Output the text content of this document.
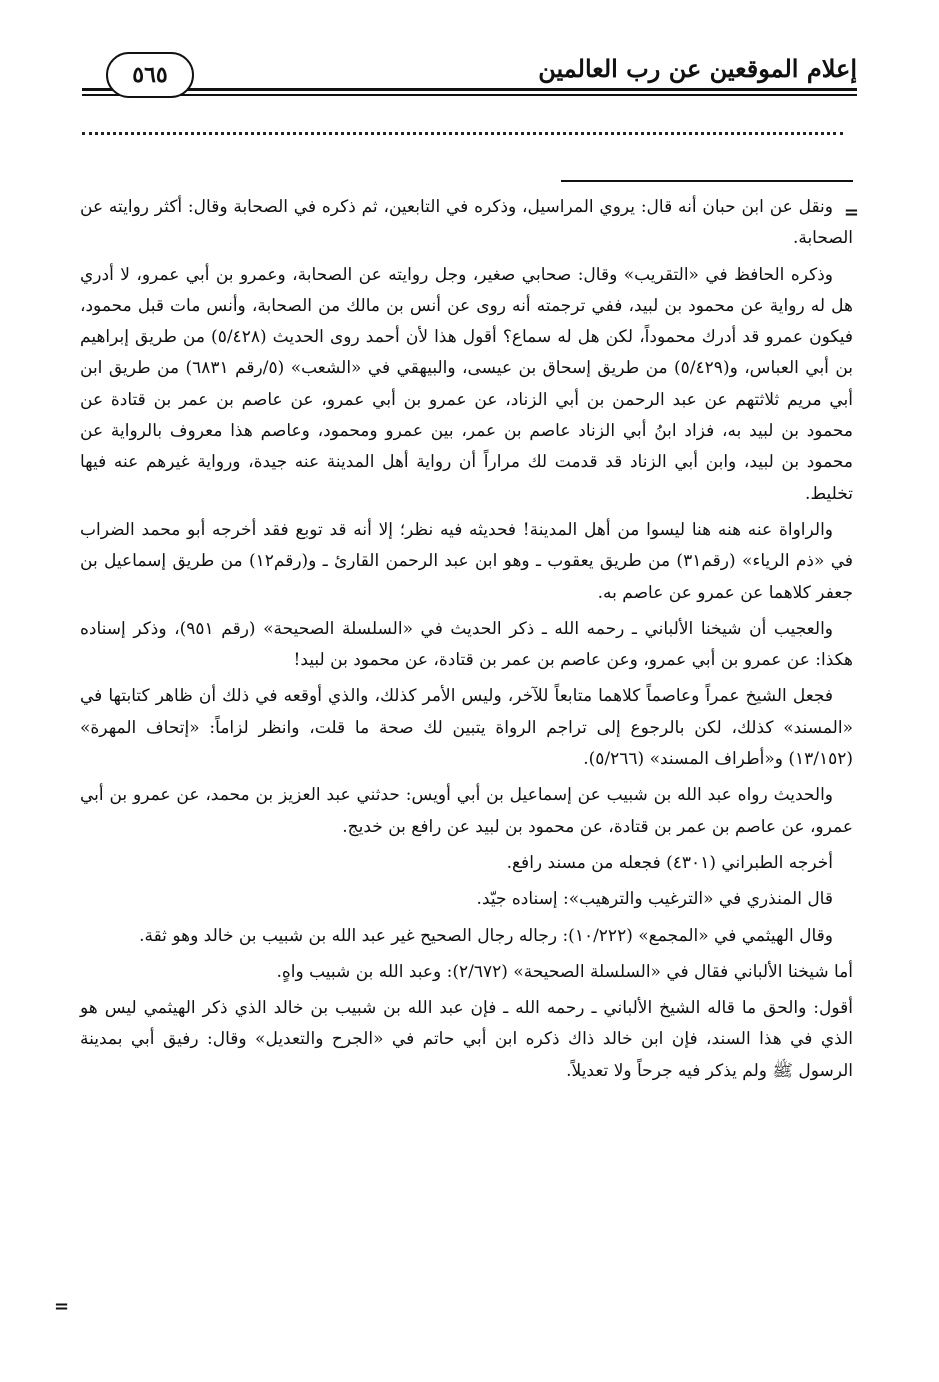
إعلام الموقعين عن رب العالمين
٥٦٥
=

ونقل عن ابن حبان أنه قال: يروي المراسيل، وذكره في التابعين، ثم ذكره في الصحابة وقال: أكثر روايته عن الصحابة.

وذكره الحافظ في «التقريب» وقال: صحابي صغير، وجل روايته عن الصحابة، وعمرو بن أبي عمرو، لا أدري هل له رواية عن محمود بن لبيد، ففي ترجمته أنه روى عن أنس بن مالك من الصحابة، وأنس مات قبل محمود، فيكون عمرو قد أدرك محموداً، لكن هل له سماع؟ أقول هذا لأن أحمد روى الحديث (٥/٤٢٨) من طريق إبراهيم بن أبي العباس، و(٥/٤٢٩) من طريق إسحاق بن عيسى، والبيهقي في «الشعب» (٥/رقم ٦٨٣١) من طريق ابن أبي مريم ثلاثتهم عن عبد الرحمن بن أبي الزناد، عن عمرو بن أبي عمرو، عن عاصم بن عمر بن قتادة عن محمود بن لبيد به، فزاد ابنُ أبي الزناد عاصم بن عمر، بين عمرو ومحمود، وعاصم هذا معروف بالرواية عن محمود بن لبيد، وابن أبي الزناد قد قدمت لك مراراً أن رواية أهل المدينة عنه جيدة، ورواية غيرهم عنه فيها تخليط.

والراواة عنه هنه هنا ليسوا من أهل المدينة! فحديثه فيه نظر؛ إلا أنه قد توبع فقد أخرجه أبو محمد الضراب في «ذم الرياء» (رقم٣١) من طريق يعقوب ـ وهو ابن عبد الرحمن القارئ ـ و(رقم١٢) من طريق إسماعيل بن جعفر كلاهما عن عمرو عن عاصم به.

والعجيب أن شيخنا الألباني ـ رحمه الله ـ ذكر الحديث في «السلسلة الصحيحة» (رقم ٩٥١)، وذكر إسناده هكذا: عن عمرو بن أبي عمرو، وعن عاصم بن عمر بن قتادة، عن محمود بن لبيد!

فجعل الشيخ عمراً وعاصماً كلاهما متابعاً للآخر، وليس الأمر كذلك، والذي أوقعه في ذلك أن ظاهر كتابتها في «المسند» كذلك، لكن بالرجوع إلى تراجم الرواة يتبين لك صحة ما قلت، وانظر لزاماً: «إتحاف المهرة» (١٣/١٥٢) و«أطراف المسند» (٥/٢٦٦).

والحديث رواه عبد الله بن شبيب عن إسماعيل بن أبي أويس: حدثني عبد العزيز بن محمد، عن عمرو بن أبي عمرو، عن عاصم بن عمر بن قتادة، عن محمود بن لبيد عن رافع بن خديج.

أخرجه الطبراني (٤٣٠١) فجعله من مسند رافع.

قال المنذري في «الترغيب والترهيب»: إسناده جيّد.

وقال الهيثمي في «المجمع» (١٠/٢٢٢): رجاله رجال الصحيح غير عبد الله بن شبيب بن خالد وهو ثقة.

أما شيخنا الألباني فقال في «السلسلة الصحيحة» (٢/٦٧٢): وعبد الله بن شبيب واهٍ.

أقول: والحق ما قاله الشيخ الألباني ـ رحمه الله ـ فإن عبد الله بن شبيب بن خالد الذي ذكر الهيثمي ليس هو الذي في هذا السند، فإن ابن خالد ذاك ذكره ابن أبي حاتم في «الجرح والتعديل» وقال: رفيق أبي بمدينة الرسول ﷺ ولم يذكر فيه جرحاً ولا تعديلاً.

=
